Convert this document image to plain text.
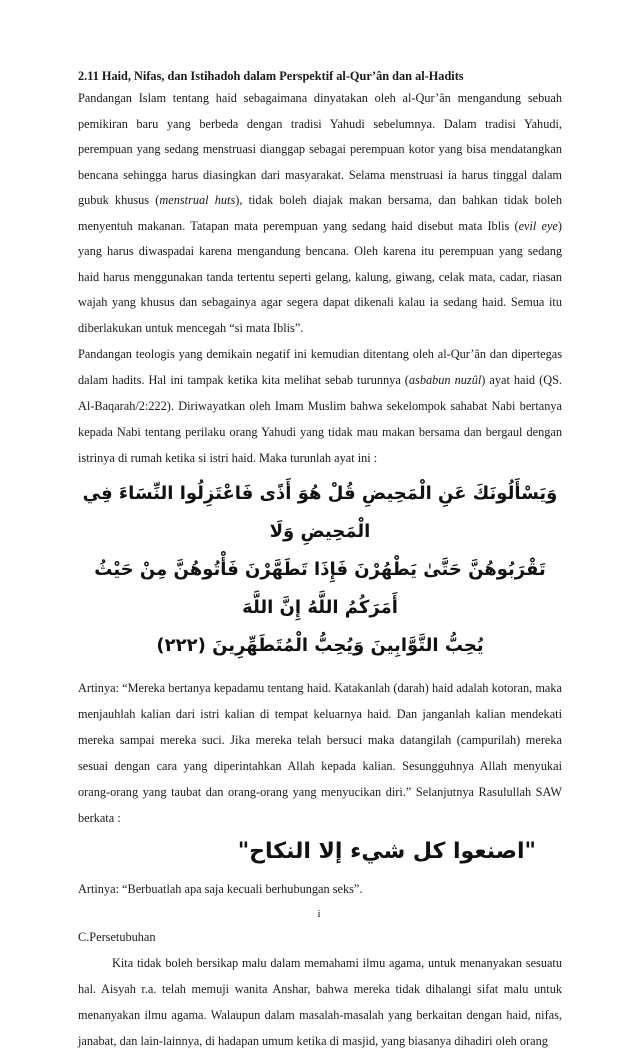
2.11 Haid, Nifas, dan Istihadoh dalam Perspektif al-Qur’ân dan al-Hadits

Pandangan Islam tentang haid sebagaimana dinyatakan oleh al-Qur’ân mengandung sebuah pemikiran baru yang berbeda dengan tradisi Yahudi sebelumnya. Dalam tradisi Yahudi, perempuan yang sedang menstruasi dianggap sebagai perempuan kotor yang bisa mendatangkan bencana sehingga harus diasingkan dari masyarakat. Selama menstruasi ia harus tinggal dalam gubuk khusus (menstrual huts), tidak boleh diajak makan bersama, dan bahkan tidak boleh menyentuh makanan. Tatapan mata perempuan yang sedang haid disebut mata Iblis (evil eye) yang harus diwaspadai karena mengandung bencana. Oleh karena itu perempuan yang sedang haid harus menggunakan tanda tertentu seperti gelang, kalung, giwang, celak mata, cadar, riasan wajah yang khusus dan sebagainya agar segera dapat dikenali kalau ia sedang haid. Semua itu diberlakukan untuk mencegah “si mata Iblis”.

Pandangan teologis yang demikain negatif ini kemudian ditentang oleh al-Qur’ân dan dipertegas dalam hadits. Hal ini tampak ketika kita melihat sebab turunnya (asbabun nuzûl) ayat haid (QS. Al-Baqarah/2:222). Diriwayatkan oleh Imam Muslim bahwa sekelompok sahabat Nabi bertanya kepada Nabi tentang perilaku orang Yahudi yang tidak mau makan bersama dan bergaul dengan istrinya di rumah ketika si istri haid. Maka turunlah ayat ini :

وَيَسْأَلُونَكَ عَنِ الْمَحِيضِ قُلْ هُوَ أَذًى فَاعْتَزِلُوا النِّسَاءَ فِي الْمَحِيضِ وَلَا
تَقْرَبُوهُنَّ حَتَّىٰ يَطْهُرْنَ فَإِذَا تَطَهَّرْنَ فَأْتُوهُنَّ مِنْ حَيْثُ أَمَرَكُمُ اللَّهُ إِنَّ اللَّهَ
يُحِبُّ التَّوَّابِينَ وَيُحِبُّ الْمُتَطَهِّرِينَ (٢٢٢)

Artinya: “Mereka bertanya kepadamu tentang haid. Katakanlah (darah) haid adalah kotoran, maka menjauhlah kalian dari istri kalian di tempat keluarnya haid. Dan janganlah kalian mendekati mereka sampai mereka suci. Jika mereka telah bersuci maka datangilah (campurilah) mereka sesuai dengan cara yang diperintahkan Allah kepada kalian. Sesungguhnya Allah menyukai orang-orang yang taubat dan orang-orang yang menyucikan diri.” Selanjutnya Rasulullah SAW berkata :

"اصنعوا كل شيء إلا النكاح"

Artinya: “Berbuatlah apa saja kecuali berhubungan seks”.

C.Persetubuhan

Kita tidak boleh bersikap malu dalam memahami ilmu agama, untuk menanyakan sesuatu hal. Aisyah r.a. telah memuji wanita Anshar, bahwa mereka tidak dihalangi sifat malu untuk menanyakan ilmu agama. Walaupun dalam masalah-masalah yang berkaitan dengan haid, nifas, janabat, dan lain-lainnya, di hadapan umum ketika di masjid, yang biasanya dihadiri oleh orang

i
